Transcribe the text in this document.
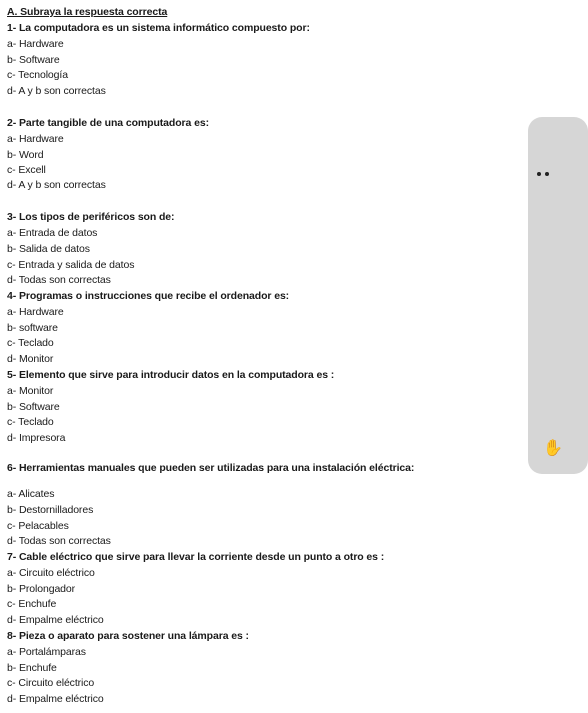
A. Subraya la respuesta correcta
1- La computadora es un sistema informático compuesto por:
a- Hardware
b- Software
c- Tecnología
d- A y b son correctas
2- Parte tangible de una computadora es:
a- Hardware
b- Word
c- Excell
d- A y b son correctas
3- Los tipos de periféricos son de:
a- Entrada de datos
b- Salida de datos
c- Entrada y salida de datos
d- Todas son correctas
4- Programas o instrucciones que recibe el ordenador es:
a- Hardware
b- software
c- Teclado
d- Monitor
5- Elemento que sirve para introducir datos en la computadora es :
a- Monitor
b- Software
c- Teclado
d- Impresora
6- Herramientas manuales que pueden ser utilizadas para una instalación eléctrica:
a- Alicates
b- Destornilladores
c- Pelacables
d- Todas son correctas
7- Cable eléctrico que sirve para llevar la corriente desde un punto a otro es :
a- Circuito eléctrico
b- Prolongador
c- Enchufe
d- Empalme eléctrico
8- Pieza o aparato para sostener una lámpara es :
a- Portalámparas
b- Enchufe
c- Circuito eléctrico
d- Empalme eléctrico
✋
